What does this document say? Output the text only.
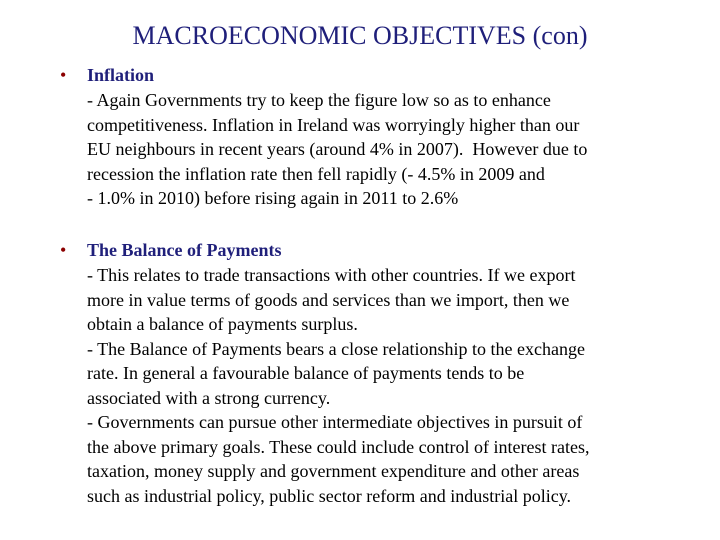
MACROECONOMIC OBJECTIVES (con)
• Inflation

- Again Governments try to keep the figure low so as to enhance
competitiveness. Inflation in Ireland was worryingly higher than our
EU neighbours in recent years (around 4% in 2007).  However due to
recession the inflation rate then fell rapidly (- 4.5% in 2009 and
- 1.0% in 2010) before rising again in 2011 to 2.6%

• The Balance of Payments

- This relates to trade transactions with other countries. If we export
more in value terms of goods and services than we import, then we
obtain a balance of payments surplus.

- The Balance of Payments bears a close relationship to the exchange
rate. In general a favourable balance of payments tends to be
associated with a strong currency.

- Governments can pursue other intermediate objectives in pursuit of
the above primary goals. These could include control of interest rates,
taxation, money supply and government expenditure and other areas
such as industrial policy, public sector reform and industrial policy.
